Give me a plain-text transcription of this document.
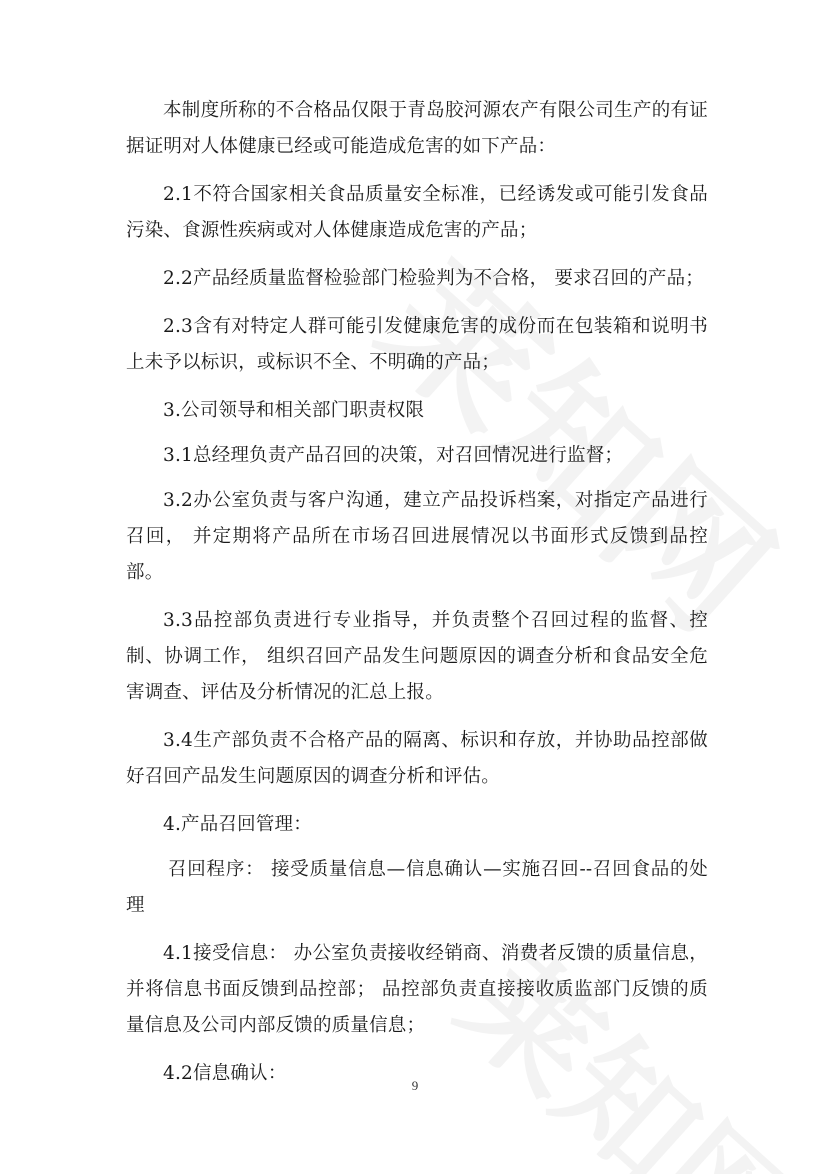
本制度所称的不合格品仅限于青岛胶河源农产有限公司生产的有证据证明对人体健康已经或可能造成危害的如下产品：

2.1不符合国家相关食品质量安全标准，已经诱发或可能引发食品污染、食源性疾病或对人体健康造成危害的产品；

2.2产品经质量监督检验部门检验判为不合格， 要求召回的产品；

2.3含有对特定人群可能引发健康危害的成份而在包装箱和说明书上未予以标识，或标识不全、不明确的产品；

3.公司领导和相关部门职责权限

3.1总经理负责产品召回的决策，对召回情况进行监督；

3.2办公室负责与客户沟通，建立产品投诉档案，对指定产品进行召回， 并定期将产品所在市场召回进展情况以书面形式反馈到品控部。

3.3品控部负责进行专业指导，并负责整个召回过程的监督、控制、协调工作， 组织召回产品发生问题原因的调查分析和食品安全危害调查、评估及分析情况的汇总上报。

3.4生产部负责不合格产品的隔离、标识和存放，并协助品控部做好召回产品发生问题原因的调查分析和评估。

4.产品召回管理：

召回程序： 接受质量信息—信息确认—实施召回--召回食品的处理

4.1接受信息： 办公室负责接收经销商、消费者反馈的质量信息，并将信息书面反馈到品控部； 品控部负责直接接收质监部门反馈的质量信息及公司内部反馈的质量信息；

4.2信息确认：

9
